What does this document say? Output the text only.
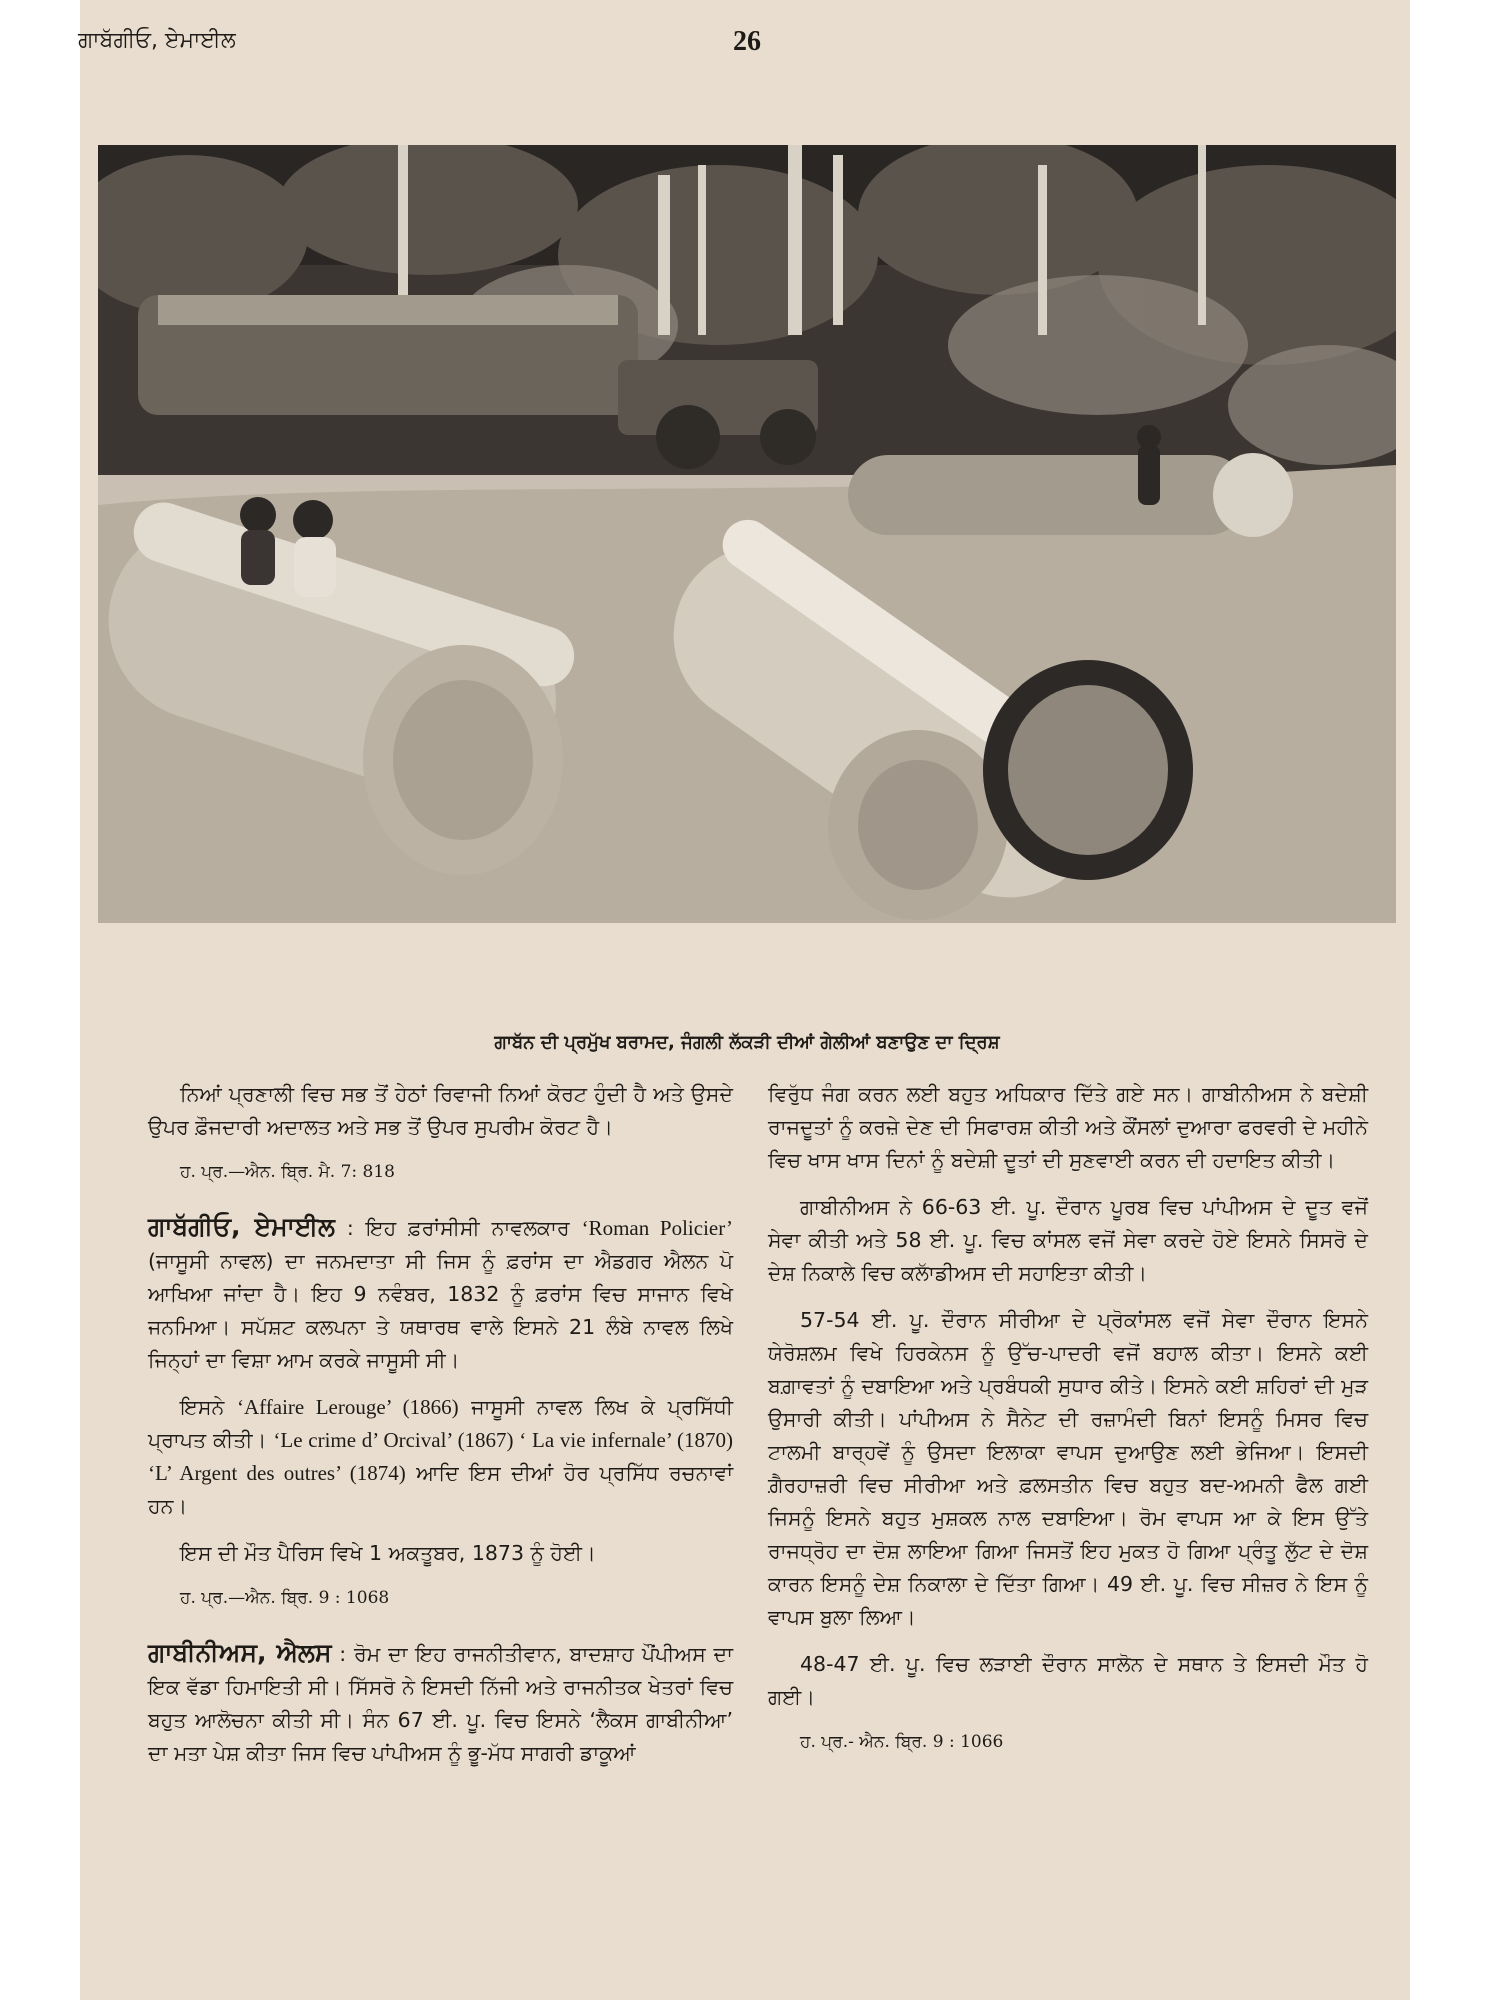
ਗਾਬੱਗੀਓ, ਏਮਾਈਲ	26
ਗਾਬੱਨ ਦੀ ਪ੍ਰਮੁੱਖ ਬਰਾਮਦ, ਜੰਗਲੀ ਲੱਕੜੀ ਦੀਆਂ ਗੇਲੀਆਂ ਬਣਾਉਣ ਦਾ ਦ੍ਰਿਸ਼

ਨਿਆਂ ਪ੍ਰਣਾਲੀ ਵਿਚ ਸਭ ਤੋਂ ਹੇਠਾਂ ਰਿਵਾਜੀ ਨਿਆਂ ਕੋਰਟ ਹੁੰਦੀ ਹੈ ਅਤੇ ਉਸਦੇ ਉਪਰ ਫ਼ੌਜਦਾਰੀ ਅਦਾਲਤ ਅਤੇ ਸਭ ਤੋਂ ਉਪਰ ਸੁਪਰੀਮ ਕੋਰਟ ਹੈ।

ਹ. ਪ੍ਰ.—ਐਨ. ਬ੍ਰਿ. ਮੈ. 7: 818

ਗਾਬੱਗੀਓ, ਏਮਾਈਲ : ਇਹ ਫ਼ਰਾਂਸੀਸੀ ਨਾਵਲਕਾਰ ‘Roman Policier’ (ਜਾਸੂਸੀ ਨਾਵਲ) ਦਾ ਜਨਮਦਾਤਾ ਸੀ ਜਿਸ ਨੂੰ ਫ਼ਰਾਂਸ ਦਾ ਐਡਗਰ ਐਲਨ ਪੋ ਆਖਿਆ ਜਾਂਦਾ ਹੈ। ਇਹ 9 ਨਵੰਬਰ, 1832 ਨੂੰ ਫ਼ਰਾਂਸ ਵਿਚ ਸਾਜਾਨ ਵਿਖੇ ਜਨਮਿਆ। ਸਪੱਸ਼ਟ ਕਲਪਨਾ ਤੇ ਯਥਾਰਥ ਵਾਲੇ ਇਸਨੇ 21 ਲੰਬੇ ਨਾਵਲ ਲਿਖੇ ਜਿਨ੍ਹਾਂ ਦਾ ਵਿਸ਼ਾ ਆਮ ਕਰਕੇ ਜਾਸੂਸੀ ਸੀ।

ਇਸਨੇ ‘Affaire Lerouge’ (1866) ਜਾਸੂਸੀ ਨਾਵਲ ਲਿਖ ਕੇ ਪ੍ਰਸਿੱਧੀ ਪ੍ਰਾਪਤ ਕੀਤੀ। ‘Le crime d’ Orcival’ (1867) ‘ La vie infernale’ (1870) ‘L’ Argent des outres’ (1874) ਆਦਿ ਇਸ ਦੀਆਂ ਹੋਰ ਪ੍ਰਸਿੱਧ ਰਚਨਾਵਾਂ ਹਨ।

ਇਸ ਦੀ ਮੌਤ ਪੈਰਿਸ ਵਿਖੇ 1 ਅਕਤੂਬਰ, 1873 ਨੂੰ ਹੋਈ।

ਹ. ਪ੍ਰ.—ਐਨ. ਬ੍ਰਿ. 9 : 1068

ਗਾਬੀਨੀਅਸ, ਐਲਸ : ਰੋਮ ਦਾ ਇਹ ਰਾਜਨੀਤੀਵਾਨ, ਬਾਦਸ਼ਾਹ ਪੌਂਪੀਅਸ ਦਾ ਇਕ ਵੱਡਾ ਹਿਮਾਇਤੀ ਸੀ। ਸਿੱਸਰੋ ਨੇ ਇਸਦੀ ਨਿੱਜੀ ਅਤੇ ਰਾਜਨੀਤਕ ਖੇਤਰਾਂ ਵਿਚ ਬਹੁਤ ਆਲੋਚਨਾ ਕੀਤੀ ਸੀ। ਸੰਨ 67 ਈ. ਪੂ. ਵਿਚ ਇਸਨੇ ‘ਲੈਕਸ ਗਾਬੀਨੀਆ’ ਦਾ ਮਤਾ ਪੇਸ਼ ਕੀਤਾ ਜਿਸ ਵਿਚ ਪਾਂਪੀਅਸ ਨੂੰ ਭੂ-ਮੱਧ ਸਾਗਰੀ ਡਾਕੂਆਂ

ਵਿਰੁੱਧ ਜੰਗ ਕਰਨ ਲਈ ਬਹੁਤ ਅਧਿਕਾਰ ਦਿੱਤੇ ਗਏ ਸਨ। ਗਾਬੀਨੀਅਸ ਨੇ ਬਦੇਸ਼ੀ ਰਾਜਦੂਤਾਂ ਨੂੰ ਕਰਜ਼ੇ ਦੇਣ ਦੀ ਸਿਫਾਰਸ਼ ਕੀਤੀ ਅਤੇ ਕੌਂਸਲਾਂ ਦੁਆਰਾ ਫਰਵਰੀ ਦੇ ਮਹੀਨੇ ਵਿਚ ਖਾਸ ਖਾਸ ਦਿਨਾਂ ਨੂੰ ਬਦੇਸ਼ੀ ਦੂਤਾਂ ਦੀ ਸੁਣਵਾਈ ਕਰਨ ਦੀ ਹਦਾਇਤ ਕੀਤੀ।

ਗਾਬੀਨੀਅਸ ਨੇ 66-63 ਈ. ਪੂ. ਦੌਰਾਨ ਪੂਰਬ ਵਿਚ ਪਾਂਪੀਅਸ ਦੇ ਦੂਤ ਵਜੋਂ ਸੇਵਾ ਕੀਤੀ ਅਤੇ 58 ਈ. ਪੂ. ਵਿਚ ਕਾਂਸਲ ਵਜੋਂ ਸੇਵਾ ਕਰਦੇ ਹੋਏ ਇਸਨੇ ਸਿਸਰੋ ਦੇ ਦੇਸ਼ ਨਿਕਾਲੇ ਵਿਚ ਕਲਾੱਡੀਅਸ ਦੀ ਸਹਾਇਤਾ ਕੀਤੀ।

57-54 ਈ. ਪੂ. ਦੌਰਾਨ ਸੀਰੀਆ ਦੇ ਪ੍ਰੋਕਾਂਸਲ ਵਜੋਂ ਸੇਵਾ ਦੌਰਾਨ ਇਸਨੇ ਯੇਰੋਸ਼ਲਮ ਵਿਖੇ ਹਿਰਕੇਨਸ ਨੂੰ ਉੱਚ-ਪਾਦਰੀ ਵਜੋਂ ਬਹਾਲ ਕੀਤਾ। ਇਸਨੇ ਕਈ ਬਗ਼ਾਵਤਾਂ ਨੂੰ ਦਬਾਇਆ ਅਤੇ ਪ੍ਰਬੰਧਕੀ ਸੁਧਾਰ ਕੀਤੇ। ਇਸਨੇ ਕਈ ਸ਼ਹਿਰਾਂ ਦੀ ਮੁੜ ਉਸਾਰੀ ਕੀਤੀ। ਪਾਂਪੀਅਸ ਨੇ ਸੈਨੇਟ ਦੀ ਰਜ਼ਾਮੰਦੀ ਬਿਨਾਂ ਇਸਨੂੰ ਮਿਸਰ ਵਿਚ ਟਾਲਮੀ ਬਾਰ੍ਹਵੇਂ ਨੂੰ ਉਸਦਾ ਇਲਾਕਾ ਵਾਪਸ ਦੁਆਉਣ ਲਈ ਭੇਜਿਆ। ਇਸਦੀ ਗ਼ੈਰਹਾਜ਼ਰੀ ਵਿਚ ਸੀਰੀਆ ਅਤੇ ਫ਼ਲਸਤੀਨ ਵਿਚ ਬਹੁਤ ਬਦ-ਅਮਨੀ ਫੈਲ ਗਈ ਜਿਸਨੂੰ ਇਸਨੇ ਬਹੁਤ ਮੁਸ਼ਕਲ ਨਾਲ ਦਬਾਇਆ। ਰੋਮ ਵਾਪਸ ਆ ਕੇ ਇਸ ਉੱਤੇ ਰਾਜਧ੍ਰੋਹ ਦਾ ਦੋਸ਼ ਲਾਇਆ ਗਿਆ ਜਿਸਤੋਂ ਇਹ ਮੁਕਤ ਹੋ ਗਿਆ ਪ੍ਰੰਤੂ ਲੁੱਟ ਦੇ ਦੋਸ਼ ਕਾਰਨ ਇਸਨੂੰ ਦੇਸ਼ ਨਿਕਾਲਾ ਦੇ ਦਿੱਤਾ ਗਿਆ। 49 ਈ. ਪੂ. ਵਿਚ ਸੀਜ਼ਰ ਨੇ ਇਸ ਨੂੰ ਵਾਪਸ ਬੁਲਾ ਲਿਆ।

48-47 ਈ. ਪੂ. ਵਿਚ ਲੜਾਈ ਦੌਰਾਨ ਸਾਲੋਨ ਦੇ ਸਥਾਨ ਤੇ ਇਸਦੀ ਮੌਤ ਹੋ ਗਈ।

ਹ. ਪ੍ਰ.- ਐਨ. ਬ੍ਰਿ. 9 : 1066
